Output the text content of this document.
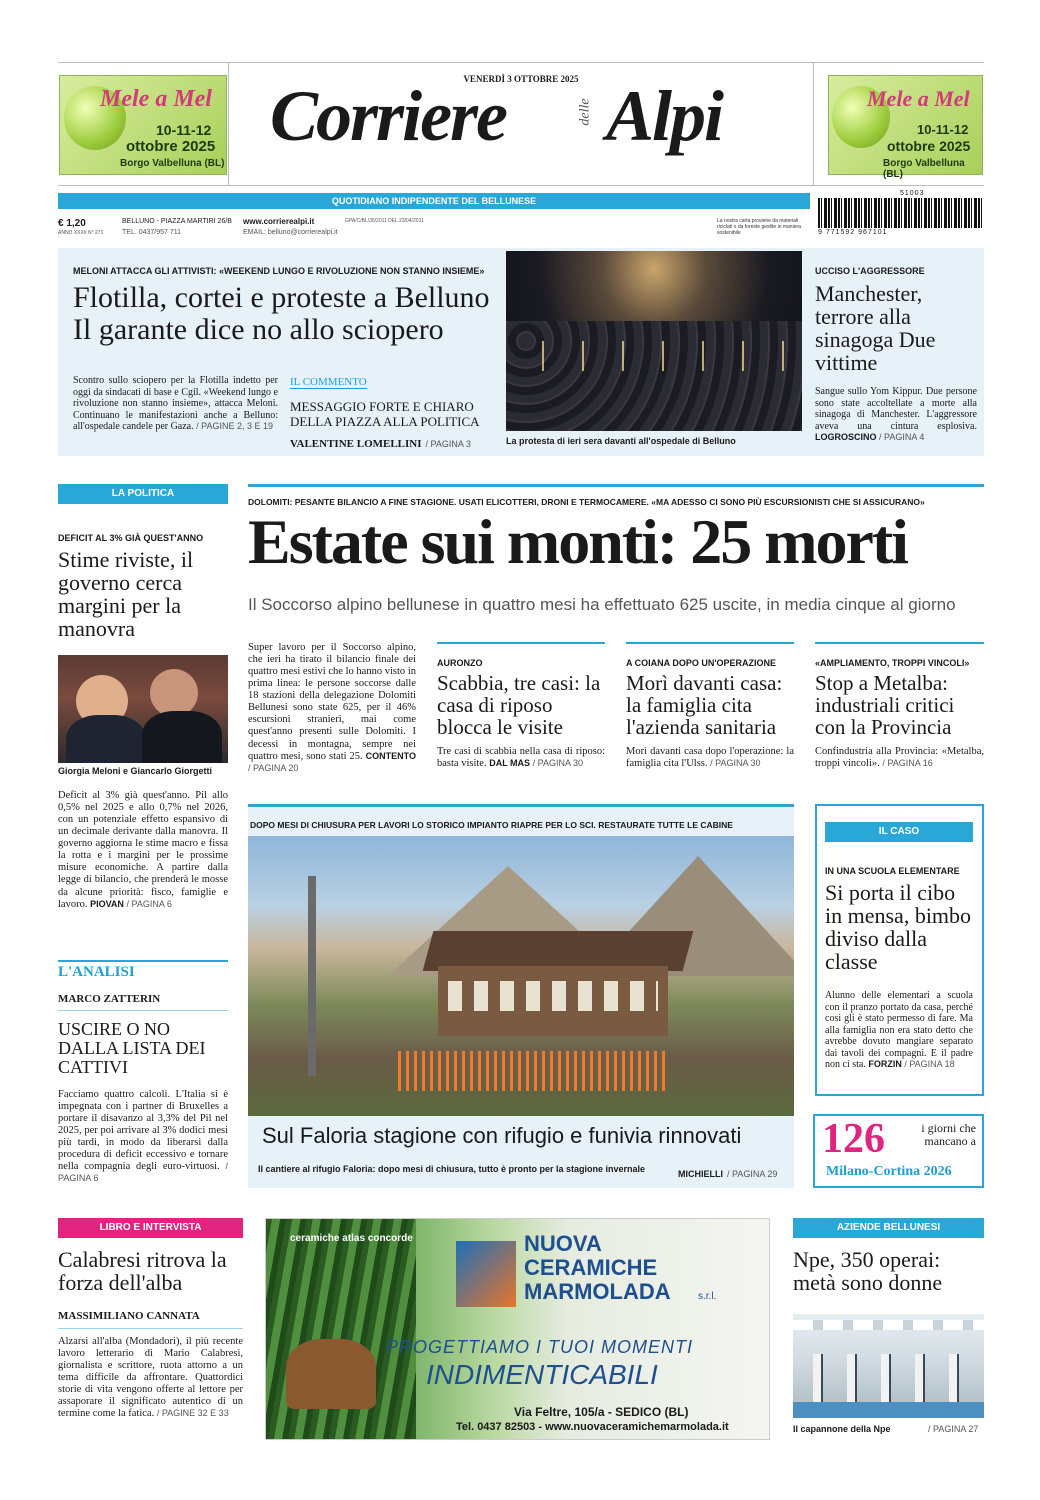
Mele a Mel
10-11-12
ottobre 2025
Borgo Valbelluna (BL)
Mele a Mel
10-11-12
ottobre 2025
Borgo Valbelluna (BL)
VENERDÌ 3 OTTOBRE 2025
Corriere	delle Alpi
QUOTIDIANO INDIPENDENTE DEL BELLUNESE
€ 1,20
ANNO XXXII N° 271
BELLUNO - PIAZZA MARTIRI 26/B
TEL. 0437/957 711
www.corrierealpi.it
EMAIL: belluno@corrierealpi.it
GPA/C/BL/35/2011 DEL 23/04/2011	La nostra carta proviene da materiali riciclati o da foreste gestite in maniera sostenibile
51003
9 771592 967101
MELONI ATTACCA GLI ATTIVISTI: «WEEKEND LUNGO E RIVOLUZIONE NON STANNO INSIEME»
Flotilla, cortei e proteste a Belluno
Il garante dice no allo sciopero
Scontro sullo sciopero per la Flotilla indetto per oggi da sindacati di base e Cgil. «Weekend lungo e rivoluzione non stanno insieme», attacca Meloni. Continuano le manifestazioni anche a Belluno: all'ospedale candele per Gaza. / PAGINE 2, 3 E 19
IL COMMENTO
MESSAGGIO FORTE E CHIARO DELLA PIAZZA ALLA POLITICA
VALENTINE LOMELLINI / PAGINA 3	La protesta di ieri sera davanti all'ospedale di Belluno
UCCISO L'AGGRESSORE
Manchester, terrore alla sinagoga Due vittime
Sangue sullo Yom Kippur. Due persone sono state accoltellate a morte alla sinagoga di Manchester. L'aggressore aveva una cintura esplosiva. LOGROSCINO / PAGINA 4
LA POLITICA
DEFICIT AL 3% GIÀ QUEST'ANNO
Stime riviste, il governo cerca margini per la manovra
Giorgia Meloni e Giancarlo Giorgetti
Deficit al 3% già quest'anno. Pil allo 0,5% nel 2025 e allo 0,7% nel 2026, con un potenziale effetto espansivo di un decimale derivante dalla manovra. Il governo aggiorna le stime macro e fissa la rotta e i margini per le prossime misure economiche. A partire dalla legge di bilancio, che prenderà le mosse da alcune priorità: fisco, famiglie e lavoro. PIOVAN / PAGINA 6
L'ANALISI
MARCO ZATTERIN
USCIRE O NO DALLA LISTA DEI CATTIVI
Facciamo quattro calcoli. L'Italia si è impegnata con i partner di Bruxelles a portare il disavanzo al 3,3% del Pil nel 2025, per poi arrivare al 3% dodici mesi più tardi, in modo da liberarsi dalla procedura di deficit eccessivo e tornare nella compagnia degli euro-virtuosi. / PAGINA 6
LIBRO E INTERVISTA
Calabresi ritrova la forza dell'alba
MASSIMILIANO CANNATA
Alzarsi all'alba (Mondadori), il più recente lavoro letterario di Mario Calabresi, giornalista e scrittore, ruota attorno a un tema difficile da affrontare. Quattordici storie di vita vengono offerte al lettore per assaporare il significato autentico di un termine come la fatica. / PAGINE 32 E 33
DOLOMITI: PESANTE BILANCIO A FINE STAGIONE. USATI ELICOTTERI, DRONI E TERMOCAMERE. «MA ADESSO CI SONO PIÙ ESCURSIONISTI CHE SI ASSICURANO»
Estate sui monti: 25 morti
Il Soccorso alpino bellunese in quattro mesi ha effettuato 625 uscite, in media cinque al giorno
Super lavoro per il Soccorso alpino, che ieri ha tirato il bilancio finale dei quattro mesi estivi che lo hanno visto in prima linea: le persone soccorse dalle 18 stazioni della delegazione Dolomiti Bellunesi sono state 625, per il 46% escursioni stranieri, mai come quest'anno presenti sulle Dolomiti. I decessi in montagna, sempre nei quattro mesi, sono stati 25. CONTENTO / PAGINA 20
AURONZO
Scabbia, tre casi: la casa di riposo blocca le visite
Tre casi di scabbia nella casa di riposo: basta visite. DAL MAS / PAGINA 30
A COIANA DOPO UN'OPERAZIONE
Morì davanti casa: la famiglia cita l'azienda sanitaria
Morì davanti casa dopo l'operazione: la famiglia cita l'Ulss. / PAGINA 30
«AMPLIAMENTO, TROPPI VINCOLI»
Stop a Metalba: industriali critici con la Provincia
Confindustria alla Provincia: «Metalba, troppi vincoli». / PAGINA 16
DOPO MESI DI CHIUSURA PER LAVORI LO STORICO IMPIANTO RIAPRE PER LO SCI. RESTAURATE TUTTE LE CABINE
Sul Faloria stagione con rifugio e funivia rinnovati
Il cantiere al rifugio Faloria: dopo mesi di chiusura, tutto è pronto per la stagione invernale	MICHIELLI / PAGINA 29
IL CASO
IN UNA SCUOLA ELEMENTARE
Si porta il cibo in mensa, bimbo diviso dalla classe
Alunno delle elementari a scuola con il pranzo portato da casa, perché così gli è stato permesso di fare. Ma alla famiglia non era stato detto che avrebbe dovuto mangiare separato dai tavoli dei compagni. E il padre non ci sta. FORZIN / PAGINA 18
126	i giorni che mancano a
Milano-Cortina 2026
ceramiche atlas concorde	NUOVA
CERAMICHE
MARMOLADA	s.r.l.
PROGETTIAMO I TUOI MOMENTI
INDIMENTICABILI
Via Feltre, 105/a - SEDICO (BL)
Tel. 0437 82503 - www.nuovaceramichemarmolada.it
AZIENDE BELLUNESI
Npe, 350 operai: metà sono donne
Il capannone della Npe	/ PAGINA 27
